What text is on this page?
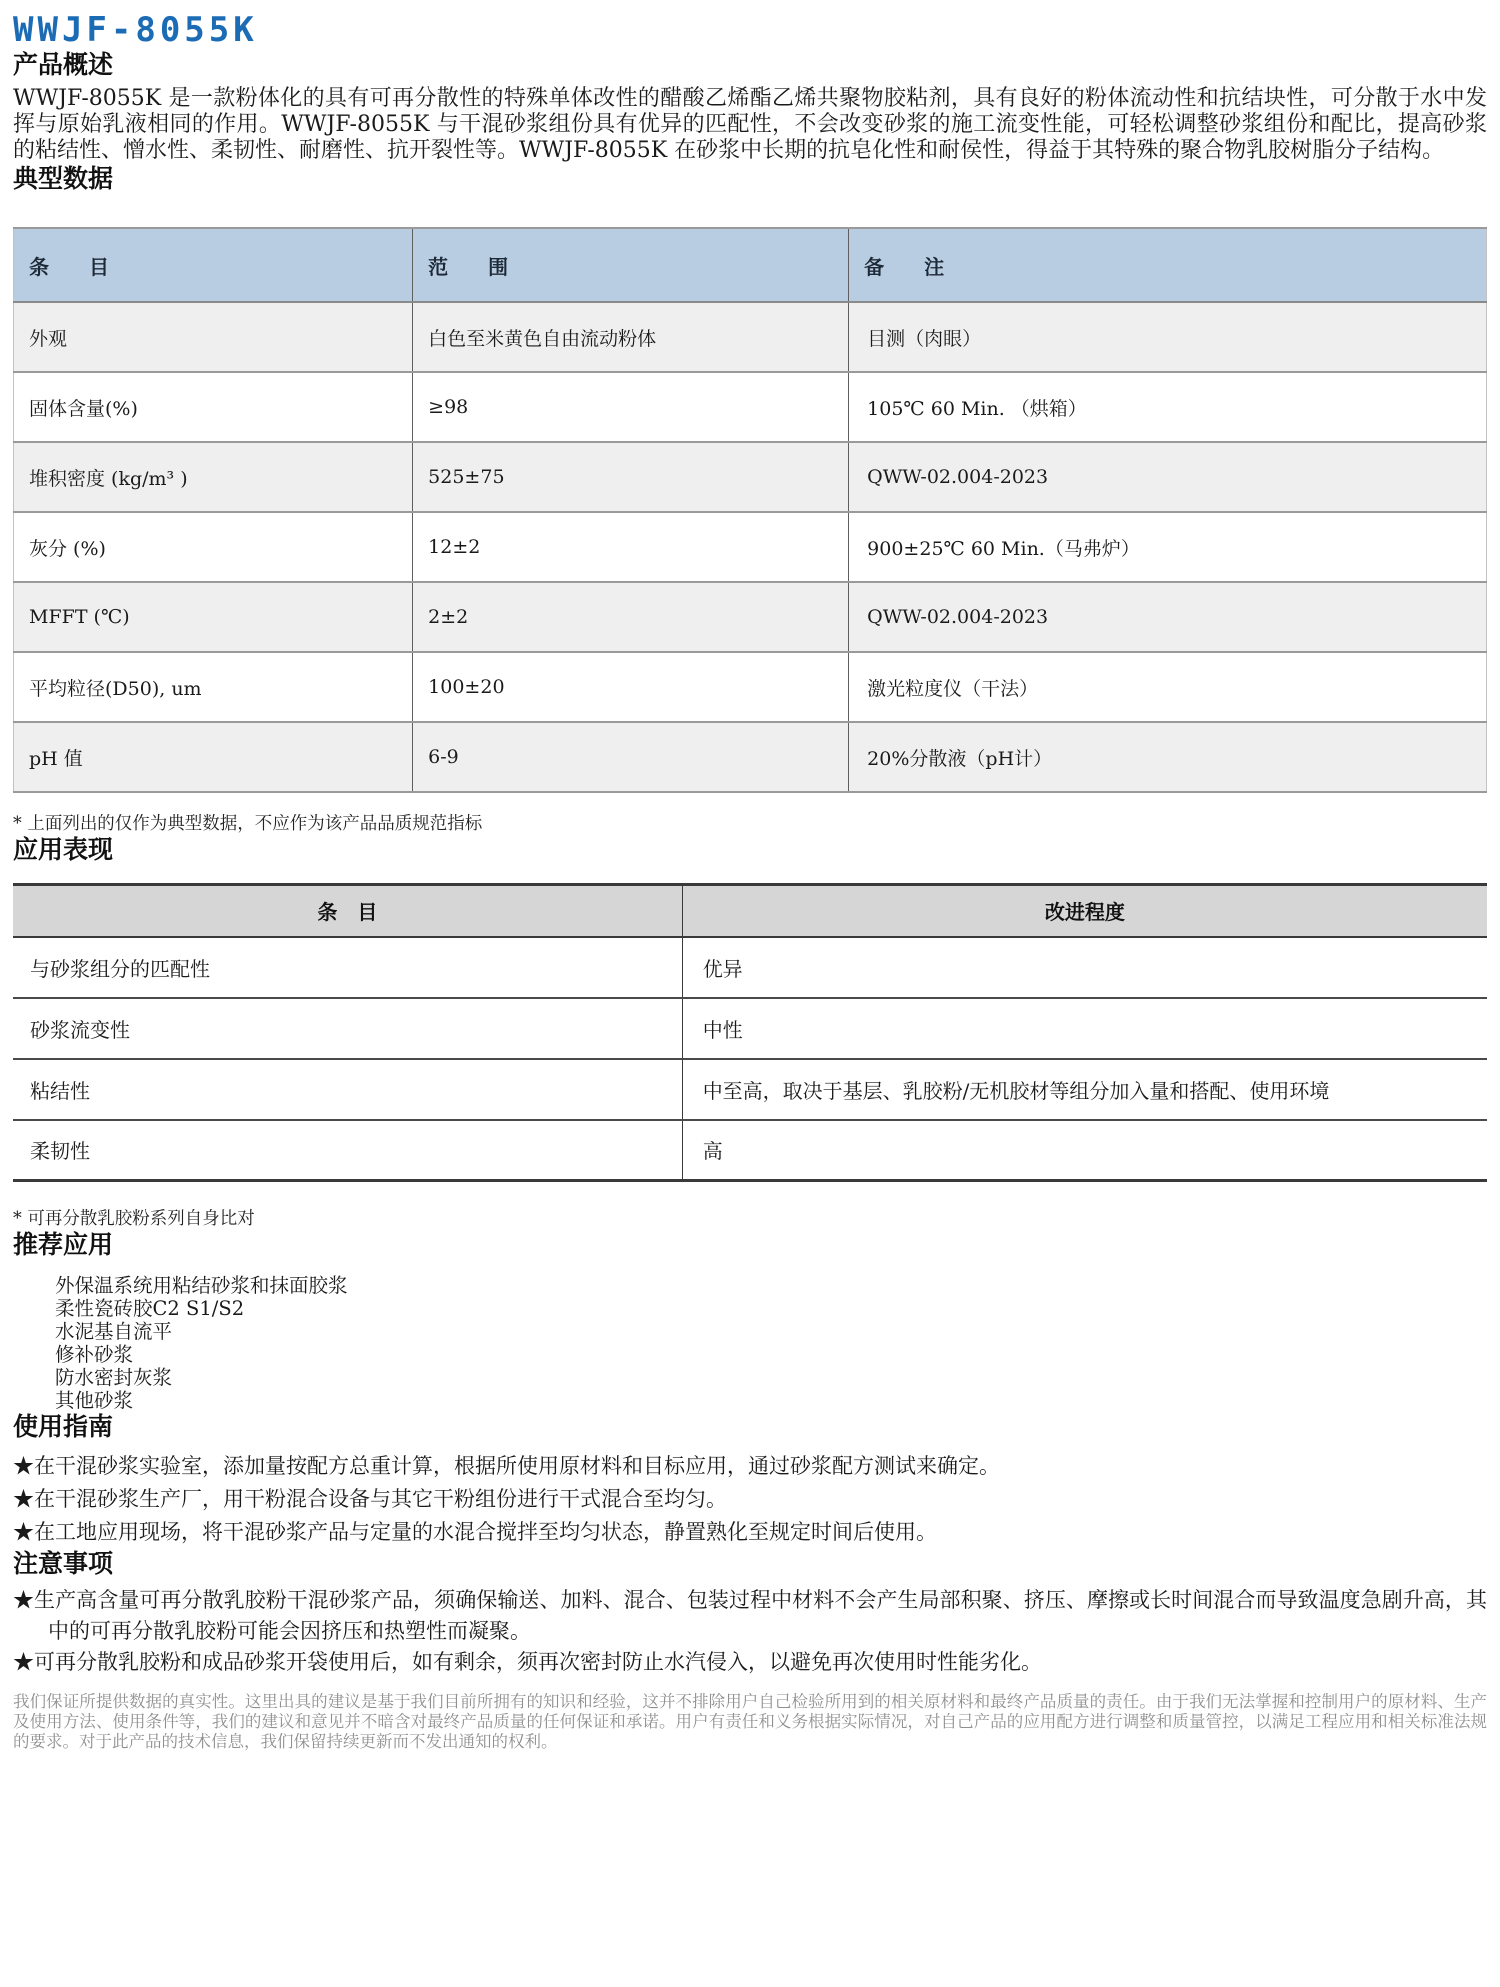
WWJF-8055K
产品概述

WWJF-8055K 是一款粉体化的具有可再分散性的特殊单体改性的醋酸乙烯酯乙烯共聚物胶粘剂，具有良好的粉体流动性和抗结块性，可分散于水中发挥与原始乳液相同的作用。WWJF-8055K 与干混砂浆组份具有优异的匹配性，不会改变砂浆的施工流变性能，可轻松调整砂浆组份和配比，提高砂浆的粘结性、憎水性、柔韧性、耐磨性、抗开裂性等。WWJF-8055K 在砂浆中长期的抗皂化性和耐侯性，得益于其特殊的聚合物乳胶树脂分子结构。

典型数据
条　　目	范　　围	备　　注
外观	白色至米黄色自由流动粉体	目测（肉眼）
固体含量(%)	≥98	105℃ 60 Min. （烘箱）
堆积密度 (kg/m³ )	525±75	QWW-02.004-2023
灰分 (%)	12±2	900±25℃ 60 Min.（马弗炉）
MFFT (℃)	2±2	QWW-02.004-2023
平均粒径(D50), um	100±20	激光粒度仪（干法）
pH 值	6-9	20%分散液（pH计）

* 上面列出的仅作为典型数据，不应作为该产品品质规范指标

应用表现
条　目	改进程度
与砂浆组分的匹配性	优异
砂浆流变性	中性
粘结性	中至高，取决于基层、乳胶粉/无机胶材等组分加入量和搭配、使用环境
柔韧性	高

* 可再分散乳胶粉系列自身比对

推荐应用
外保温系统用粘结砂浆和抹面胶浆
柔性瓷砖胶C2 S1/S2
水泥基自流平
修补砂浆
防水密封灰浆
其他砂浆
使用指南

★在干混砂浆实验室，添加量按配方总重计算，根据所使用原材料和目标应用，通过砂浆配方测试来确定。

★在干混砂浆生产厂，用干粉混合设备与其它干粉组份进行干式混合至均匀。

★在工地应用现场，将干混砂浆产品与定量的水混合搅拌至均匀状态，静置熟化至规定时间后使用。

注意事项

★生产高含量可再分散乳胶粉干混砂浆产品，须确保输送、加料、混合、包装过程中材料不会产生局部积聚、挤压、摩擦或长时间混合而导致温度急剧升高，其中的可再分散乳胶粉可能会因挤压和热塑性而凝聚。

★可再分散乳胶粉和成品砂浆开袋使用后，如有剩余，须再次密封防止水汽侵入，以避免再次使用时性能劣化。

我们保证所提供数据的真实性。这里出具的建议是基于我们目前所拥有的知识和经验，这并不排除用户自己检验所用到的相关原材料和最终产品质量的责任。由于我们无法掌握和控制用户的原材料、生产及使用方法、使用条件等，我们的建议和意见并不暗含对最终产品质量的任何保证和承诺。用户有责任和义务根据实际情况，对自己产品的应用配方进行调整和质量管控，以满足工程应用和相关标准法规的要求。对于此产品的技术信息，我们保留持续更新而不发出通知的权利。
